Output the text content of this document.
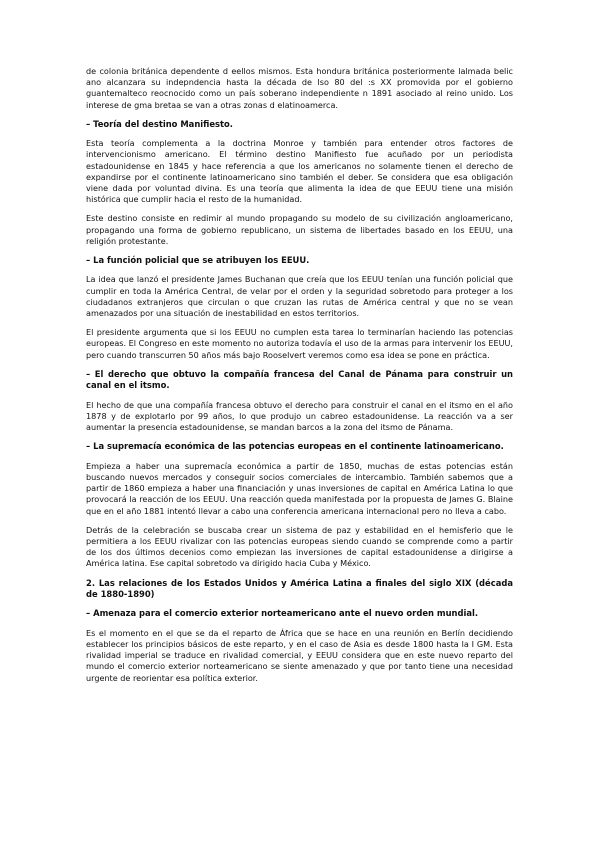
de colonia británica dependente d eellos mismos. Esta hondura británica posteriormente lalmada belic ano alcanzara su indepndencia hasta la década de lso 80 del :s XX promovida por el gobierno guantemalteco reocnocido como un país soberano independiente n 1891 asociado al reino unido. Los interese de gma bretaa se van a otras zonas d elatinoamerca.

– Teoría del destino Manifiesto.

Esta teoría complementa a la doctrina Monroe y también para entender otros factores de intervencionismo americano. El término destino Manifiesto fue acuñado por un periodista estadounidense en 1845 y hace referencia a que los americanos no solamente tienen el derecho de expandirse por el continente latinoamericano sino también el deber. Se considera que esa obligación viene dada por voluntad divina. Es una teoría que alimenta la idea de que EEUU tiene una misión histórica que cumplir hacia el resto de la humanidad.

Este destino consiste en redimir al mundo propagando su modelo de su civilización angloamericano, propagando una forma de gobierno republicano, un sistema de libertades basado en los EEUU, una religión protestante.

– La función policial que se atribuyen los EEUU.

La idea que lanzó el presidente James Buchanan que creía que los EEUU tenían una función policial que cumplir en toda la América Central, de velar por el orden y la seguridad sobretodo para proteger a los ciudadanos extranjeros que circulan o que cruzan las rutas de América central y que no se vean amenazados por una situación de inestabilidad en estos territorios.

El presidente argumenta que si los EEUU no cumplen esta tarea lo terminarían haciendo las potencias europeas. El Congreso en este momento no autoriza todavía el uso de la armas para intervenir los EEUU, pero cuando transcurren 50 años más bajo Rooselvert veremos como esa idea se pone en práctica.

– El derecho que obtuvo la compañía francesa del Canal de Pánama para construir un canal en el itsmo.

El hecho de que una compañía francesa obtuvo el derecho para construir el canal en el itsmo en el año 1878 y de explotarlo por 99 años, lo que produjo un cabreo estadounidense. La reacción va a ser aumentar la presencia estadounidense, se mandan barcos a la zona del itsmo de Pánama.

– La supremacía económica de las potencias europeas en el continente latinoamericano.

Empieza a haber una supremacía económica a partir de 1850, muchas de estas potencias están buscando nuevos mercados y conseguir socios comerciales de intercambio. También sabemos que a partir de 1860 empieza a haber una financiación y unas inversiones de capital en América Latina lo que provocará la reacción de los EEUU. Una reacción queda manifestada por la propuesta de James G. Blaine que en el año 1881 intentó llevar a cabo una conferencia americana internacional pero no lleva a cabo.

Detrás de la celebración se buscaba crear un sistema de paz y estabilidad en el hemisferio que le permitiera a los EEUU rivalizar con las potencias europeas siendo cuando se comprende como a partir de los dos últimos decenios como empiezan las inversiones de capital estadounidense a dirigirse a América latina. Ese capital sobretodo va dirigido hacia Cuba y México.

2. Las relaciones de los Estados Unidos y América Latina a finales del siglo XIX (década de 1880-1890)

– Amenaza para el comercio exterior norteamericano ante el nuevo orden mundial.

Es el momento en el que se da el reparto de África que se hace en una reunión en Berlín decidiendo establecer los principios básicos de este reparto, y en el caso de Asia es desde 1800 hasta la I GM. Esta rivalidad imperial se traduce en rivalidad comercial, y EEUU considera que en este nuevo reparto del mundo el comercio exterior norteamericano se siente amenazado y que por tanto tiene una necesidad urgente de reorientar esa política exterior.
